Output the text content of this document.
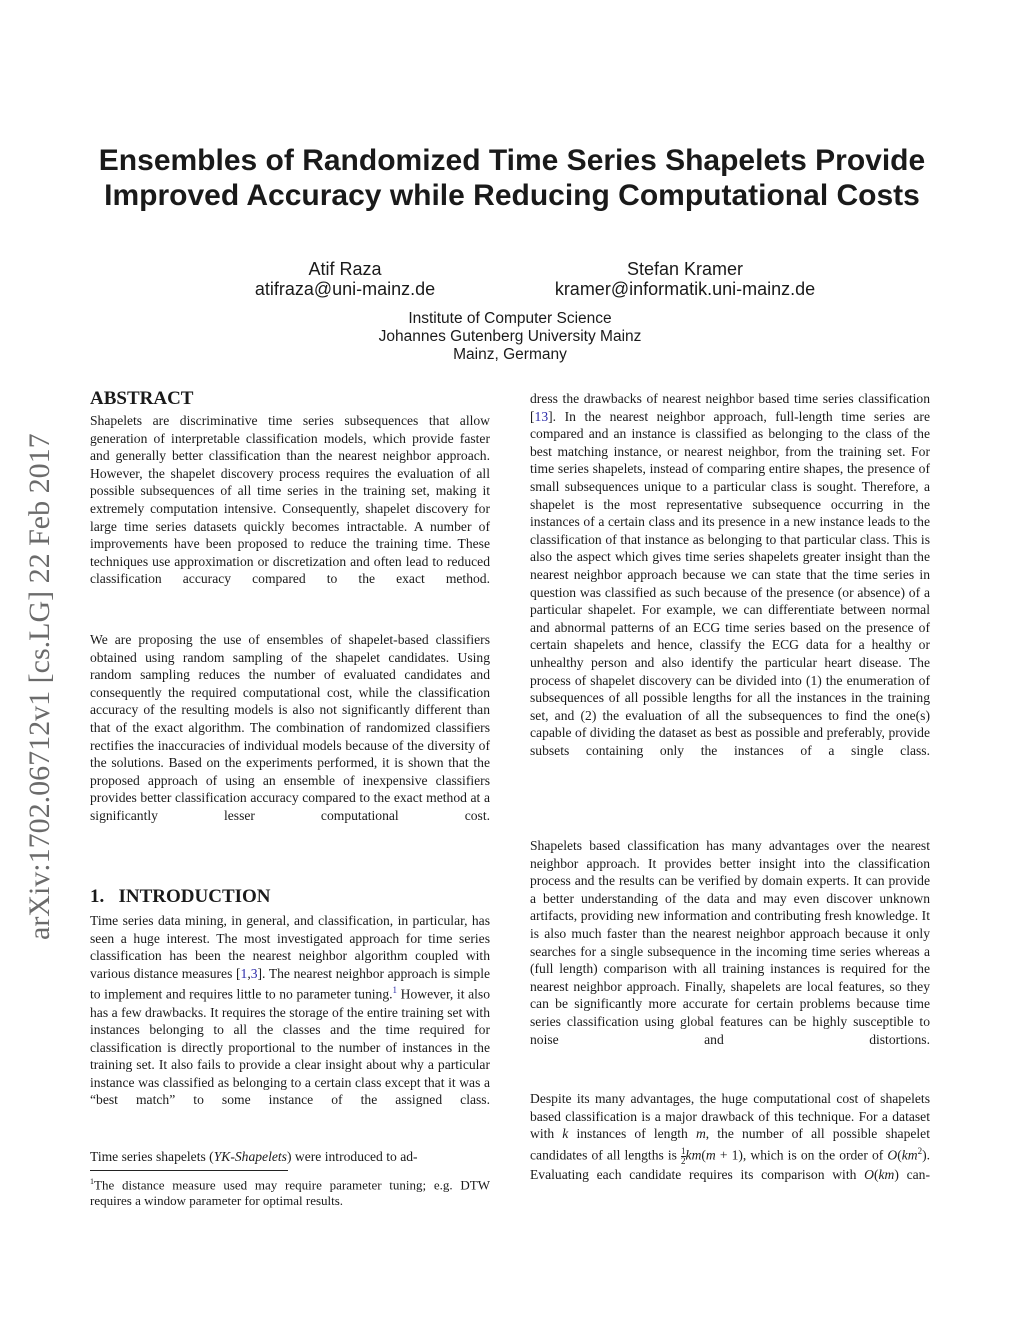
Ensembles of Randomized Time Series Shapelets Provide
Improved Accuracy while Reducing Computational Costs
Atif Raza
atifraza@uni-mainz.de
Stefan Kramer
kramer@informatik.uni-mainz.de
Institute of Computer Science
Johannes Gutenberg University Mainz
Mainz, Germany
arXiv:1702.06712v1 [cs.LG] 22 Feb 2017
ABSTRACT
Shapelets are discriminative time series subsequences that allow generation of interpretable classification models, which provide faster and generally better classification than the nearest neighbor approach. However, the shapelet discovery process requires the evaluation of all possible subsequences of all time series in the training set, making it extremely computation intensive. Consequently, shapelet discovery for large time series datasets quickly becomes intractable. A number of improvements have been proposed to reduce the training time. These techniques use approximation or discretization and often lead to reduced classification accuracy compared to the exact method.
We are proposing the use of ensembles of shapelet-based classifiers obtained using random sampling of the shapelet candidates. Using random sampling reduces the number of evaluated candidates and consequently the required computational cost, while the classification accuracy of the resulting models is also not significantly different than that of the exact algorithm. The combination of randomized classifiers rectifies the inaccuracies of individual models because of the diversity of the solutions. Based on the experiments performed, it is shown that the proposed approach of using an ensemble of inexpensive classifiers provides better classification accuracy compared to the exact method at a significantly lesser computational cost.
1.   INTRODUCTION
Time series data mining, in general, and classification, in particular, has seen a huge interest. The most investigated approach for time series classification has been the nearest neighbor algorithm coupled with various distance measures [1,3]. The nearest neighbor approach is simple to implement and requires little to no parameter tuning.$^1$ However, it also has a few drawbacks. It requires the storage of the entire training set with instances belonging to all the classes and the time required for classification is directly proportional to the number of instances in the training set. It also fails to provide a clear insight about why a particular instance was classified as belonging to a certain class except that it was a “best match” to some instance of the assigned class.
Time series shapelets (YK-Shapelets) were introduced to ad-
$^1$The distance measure used may require parameter tuning; e.g. DTW requires a window parameter for optimal results.
dress the drawbacks of nearest neighbor based time series classification [13]. In the nearest neighbor approach, full-length time series are compared and an instance is classified as belonging to the class of the best matching instance, or nearest neighbor, from the training set. For time series shapelets, instead of comparing entire shapes, the presence of small subsequences unique to a particular class is sought. Therefore, a shapelet is the most representative subsequence occurring in the instances of a certain class and its presence in a new instance leads to the classification of that instance as belonging to that particular class. This is also the aspect which gives time series shapelets greater insight than the nearest neighbor approach because we can state that the time series in question was classified as such because of the presence (or absence) of a particular shapelet. For example, we can differentiate between normal and abnormal patterns of an ECG time series based on the presence of certain shapelets and hence, classify the ECG data for a healthy or unhealthy person and also identify the particular heart disease. The process of shapelet discovery can be divided into (1) the enumeration of subsequences of all possible lengths for all the instances in the training set, and (2) the evaluation of all the subsequences to find the one(s) capable of dividing the dataset as best as possible and preferably, provide subsets containing only the instances of a single class.
Shapelets based classification has many advantages over the nearest neighbor approach. It provides better insight into the classification process and the results can be verified by domain experts. It can provide a better understanding of the data and may even discover unknown artifacts, providing new information and contributing fresh knowledge. It is also much faster than the nearest neighbor approach because it only searches for a single subsequence in the incoming time series whereas a (full length) comparison with all training instances is required for the nearest neighbor approach. Finally, shapelets are local features, so they can be significantly more accurate for certain problems because time series classification using global features can be highly susceptible to noise and distortions.
Despite its many advantages, the huge computational cost of shapelets based classification is a major drawback of this technique. For a dataset with k instances of length m, the number of all possible shapelet candidates of all lengths is $\frac{1}{2} km(m + 1)$, which is on the order of $O(km^2)$. Evaluating each candidate requires its comparison with O(km) can-
